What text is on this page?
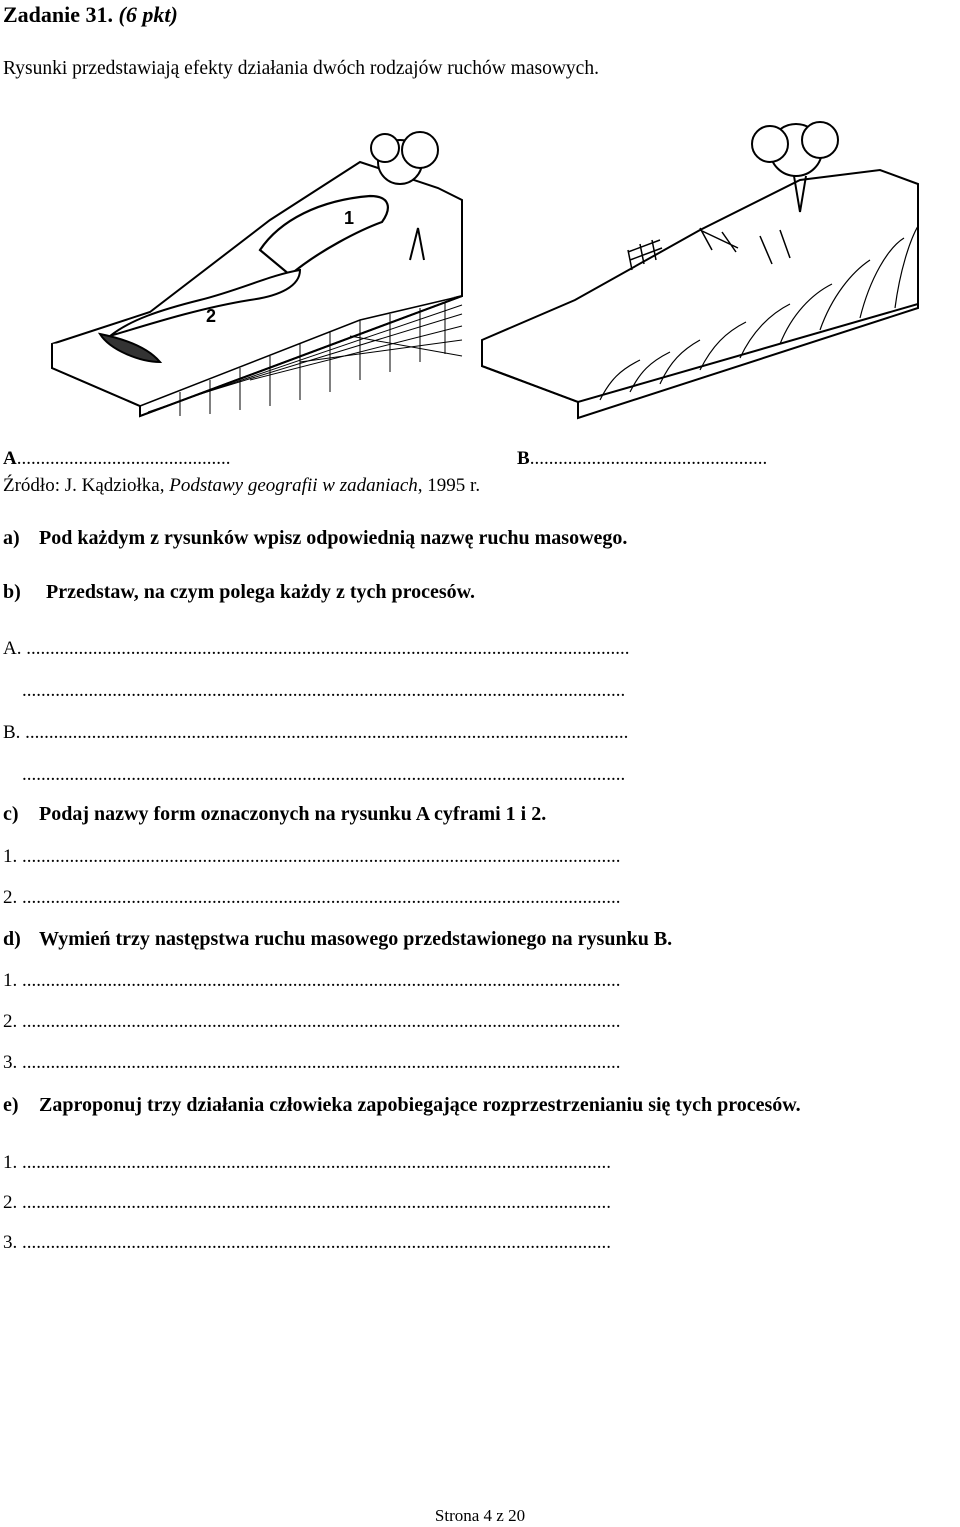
Zadanie 31. (6 pkt)
Rysunki przedstawiają efekty działania dwóch rodzajów ruchów masowych.
1
2
A.............................................	B..................................................
Źródło: J. Kądziołka, Podstawy geografii w zadaniach, 1995 r.
a) Pod każdym z rysunków wpisz odpowiednią nazwę ruchu masowego.
b) Przedstaw, na czym polega każdy z tych procesów.
A. ...............................................................................................................................
...............................................................................................................................
B. ...............................................................................................................................
...............................................................................................................................
c) Podaj nazwy form oznaczonych na rysunku A cyframi 1 i 2.
1. ..............................................................................................................................
2. ..............................................................................................................................
d) Wymień trzy następstwa ruchu masowego przedstawionego na rysunku B.
1. ..............................................................................................................................
2. ..............................................................................................................................
3. ..............................................................................................................................
e) Zaproponuj trzy działania człowieka zapobiegające rozprzestrzenianiu się tych procesów.
1. ............................................................................................................................
2. ............................................................................................................................
3. ............................................................................................................................
Strona 4 z 20
